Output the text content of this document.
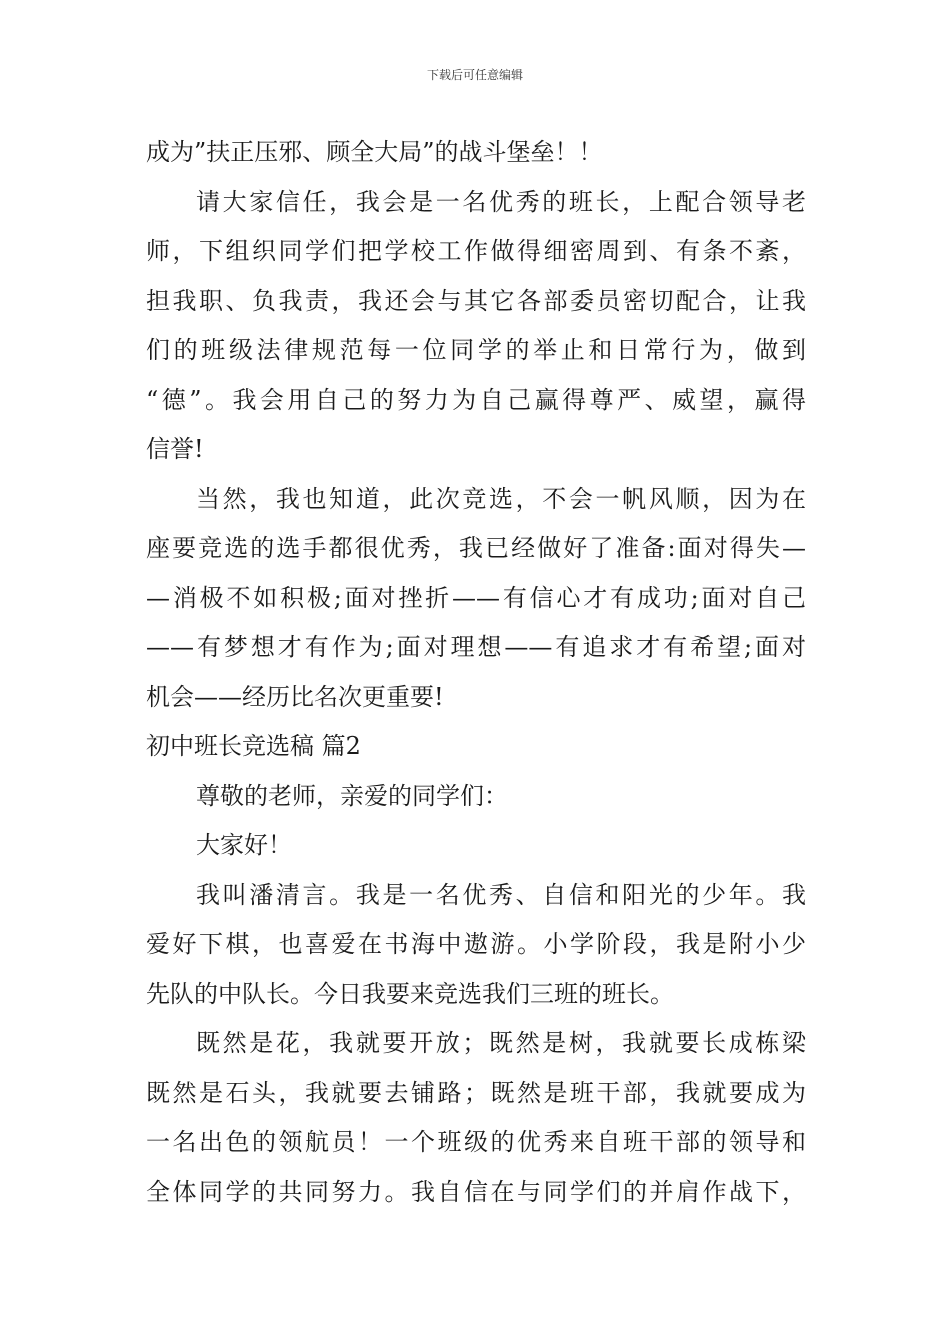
下载后可任意编辑
成为”扶正压邪、顾全大局”的战斗堡垒！！
请大家信任，我会是一名优秀的班长，上配合领导老
师，下组织同学们把学校工作做得细密周到、有条不紊，
担我职、负我责，我还会与其它各部委员密切配合，让我
们的班级法律规范每一位同学的举止和日常行为，做到
“德”。我会用自己的努力为自己赢得尊严、威望，赢得
信誉!
当然，我也知道，此次竞选，不会一帆风顺，因为在
座要竞选的选手都很优秀，我已经做好了准备:面对得失—
—消极不如积极;面对挫折——有信心才有成功;面对自己
——有梦想才有作为;面对理想——有追求才有希望;面对
机会——经历比名次更重要!
初中班长竞选稿 篇2
尊敬的老师，亲爱的同学们：
大家好！
我叫潘清言。我是一名优秀、自信和阳光的少年。我
爱好下棋，也喜爱在书海中遨游。小学阶段，我是附小少
先队的中队长。今日我要来竞选我们三班的班长。
既然是花，我就要开放；既然是树，我就要长成栋梁
既然是石头，我就要去铺路；既然是班干部，我就要成为
一名出色的领航员！一个班级的优秀来自班干部的领导和
全体同学的共同努力。我自信在与同学们的并肩作战下，
